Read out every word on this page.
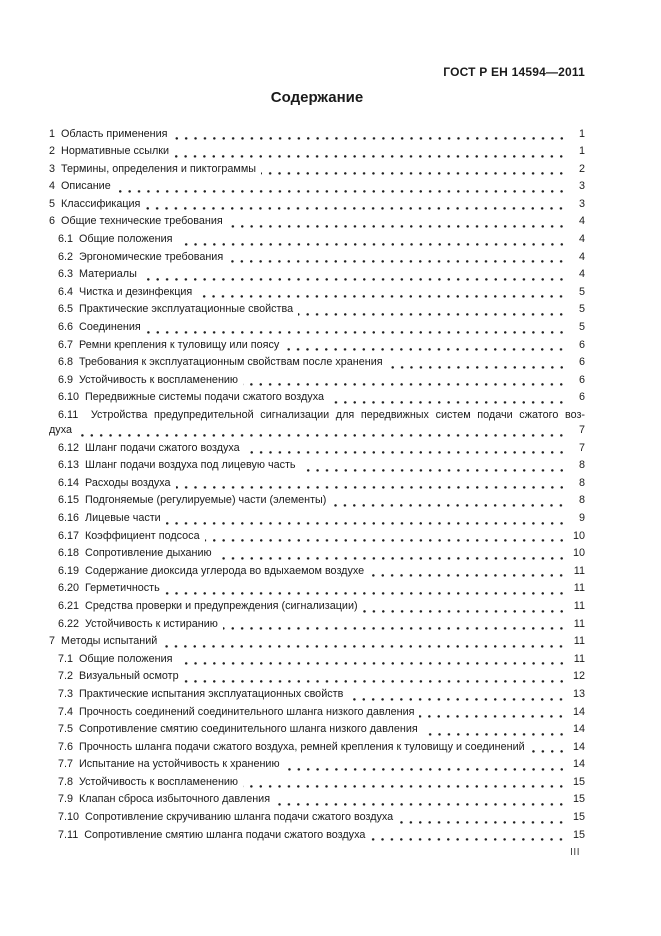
ГОСТ Р ЕН 14594—2011
Содержание
1 Область применения	1
2 Нормативные ссылки	1
3 Термины, определения и пиктограммы	2
4 Описание	3
5 Классификация	3
6 Общие технические требования	4
6.1 Общие положения	4
6.2 Эргономические требования	4
6.3 Материалы	4
6.4 Чистка и дезинфекция	5
6.5 Практические эксплуатационные свойства	5
6.6 Соединения	5
6.7 Ремни крепления к туловищу или поясу	6
6.8 Требования к эксплуатационным свойствам после хранения	6
6.9 Устойчивость к воспламенению	6
6.10 Передвижные системы подачи сжатого воздуха	6
6.11 Устройства предупредительной сигнализации для передвижных систем подачи сжатого воз-
духа	7
6.12 Шланг подачи сжатого воздуха	7
6.13 Шланг подачи воздуха под лицевую часть	8
6.14 Расходы воздуха	8
6.15 Подгоняемые (регулируемые) части (элементы)	8
6.16 Лицевые части	9
6.17 Коэффициент подсоса	10
6.18 Сопротивление дыханию	10
6.19 Содержание диоксида углерода во вдыхаемом воздухе	11
6.20 Герметичность	11
6.21 Средства проверки и предупреждения (сигнализации)	11
6.22 Устойчивость к истиранию	11
7 Методы испытаний	11
7.1 Общие положения	11
7.2 Визуальный осмотр	12
7.3 Практические испытания эксплуатационных свойств	13
7.4 Прочность соединений соединительного шланга низкого давления	14
7.5 Сопротивление смятию соединительного шланга низкого давления	14
7.6 Прочность шланга подачи сжатого воздуха, ремней крепления к туловищу и соединений	14
7.7 Испытание на устойчивость к хранению	14
7.8 Устойчивость к воспламенению	15
7.9 Клапан сброса избыточного давления	15
7.10 Сопротивление скручиванию шланга подачи сжатого воздуха	15
7.11 Сопротивление смятию шланга подачи сжатого воздуха	15
III
